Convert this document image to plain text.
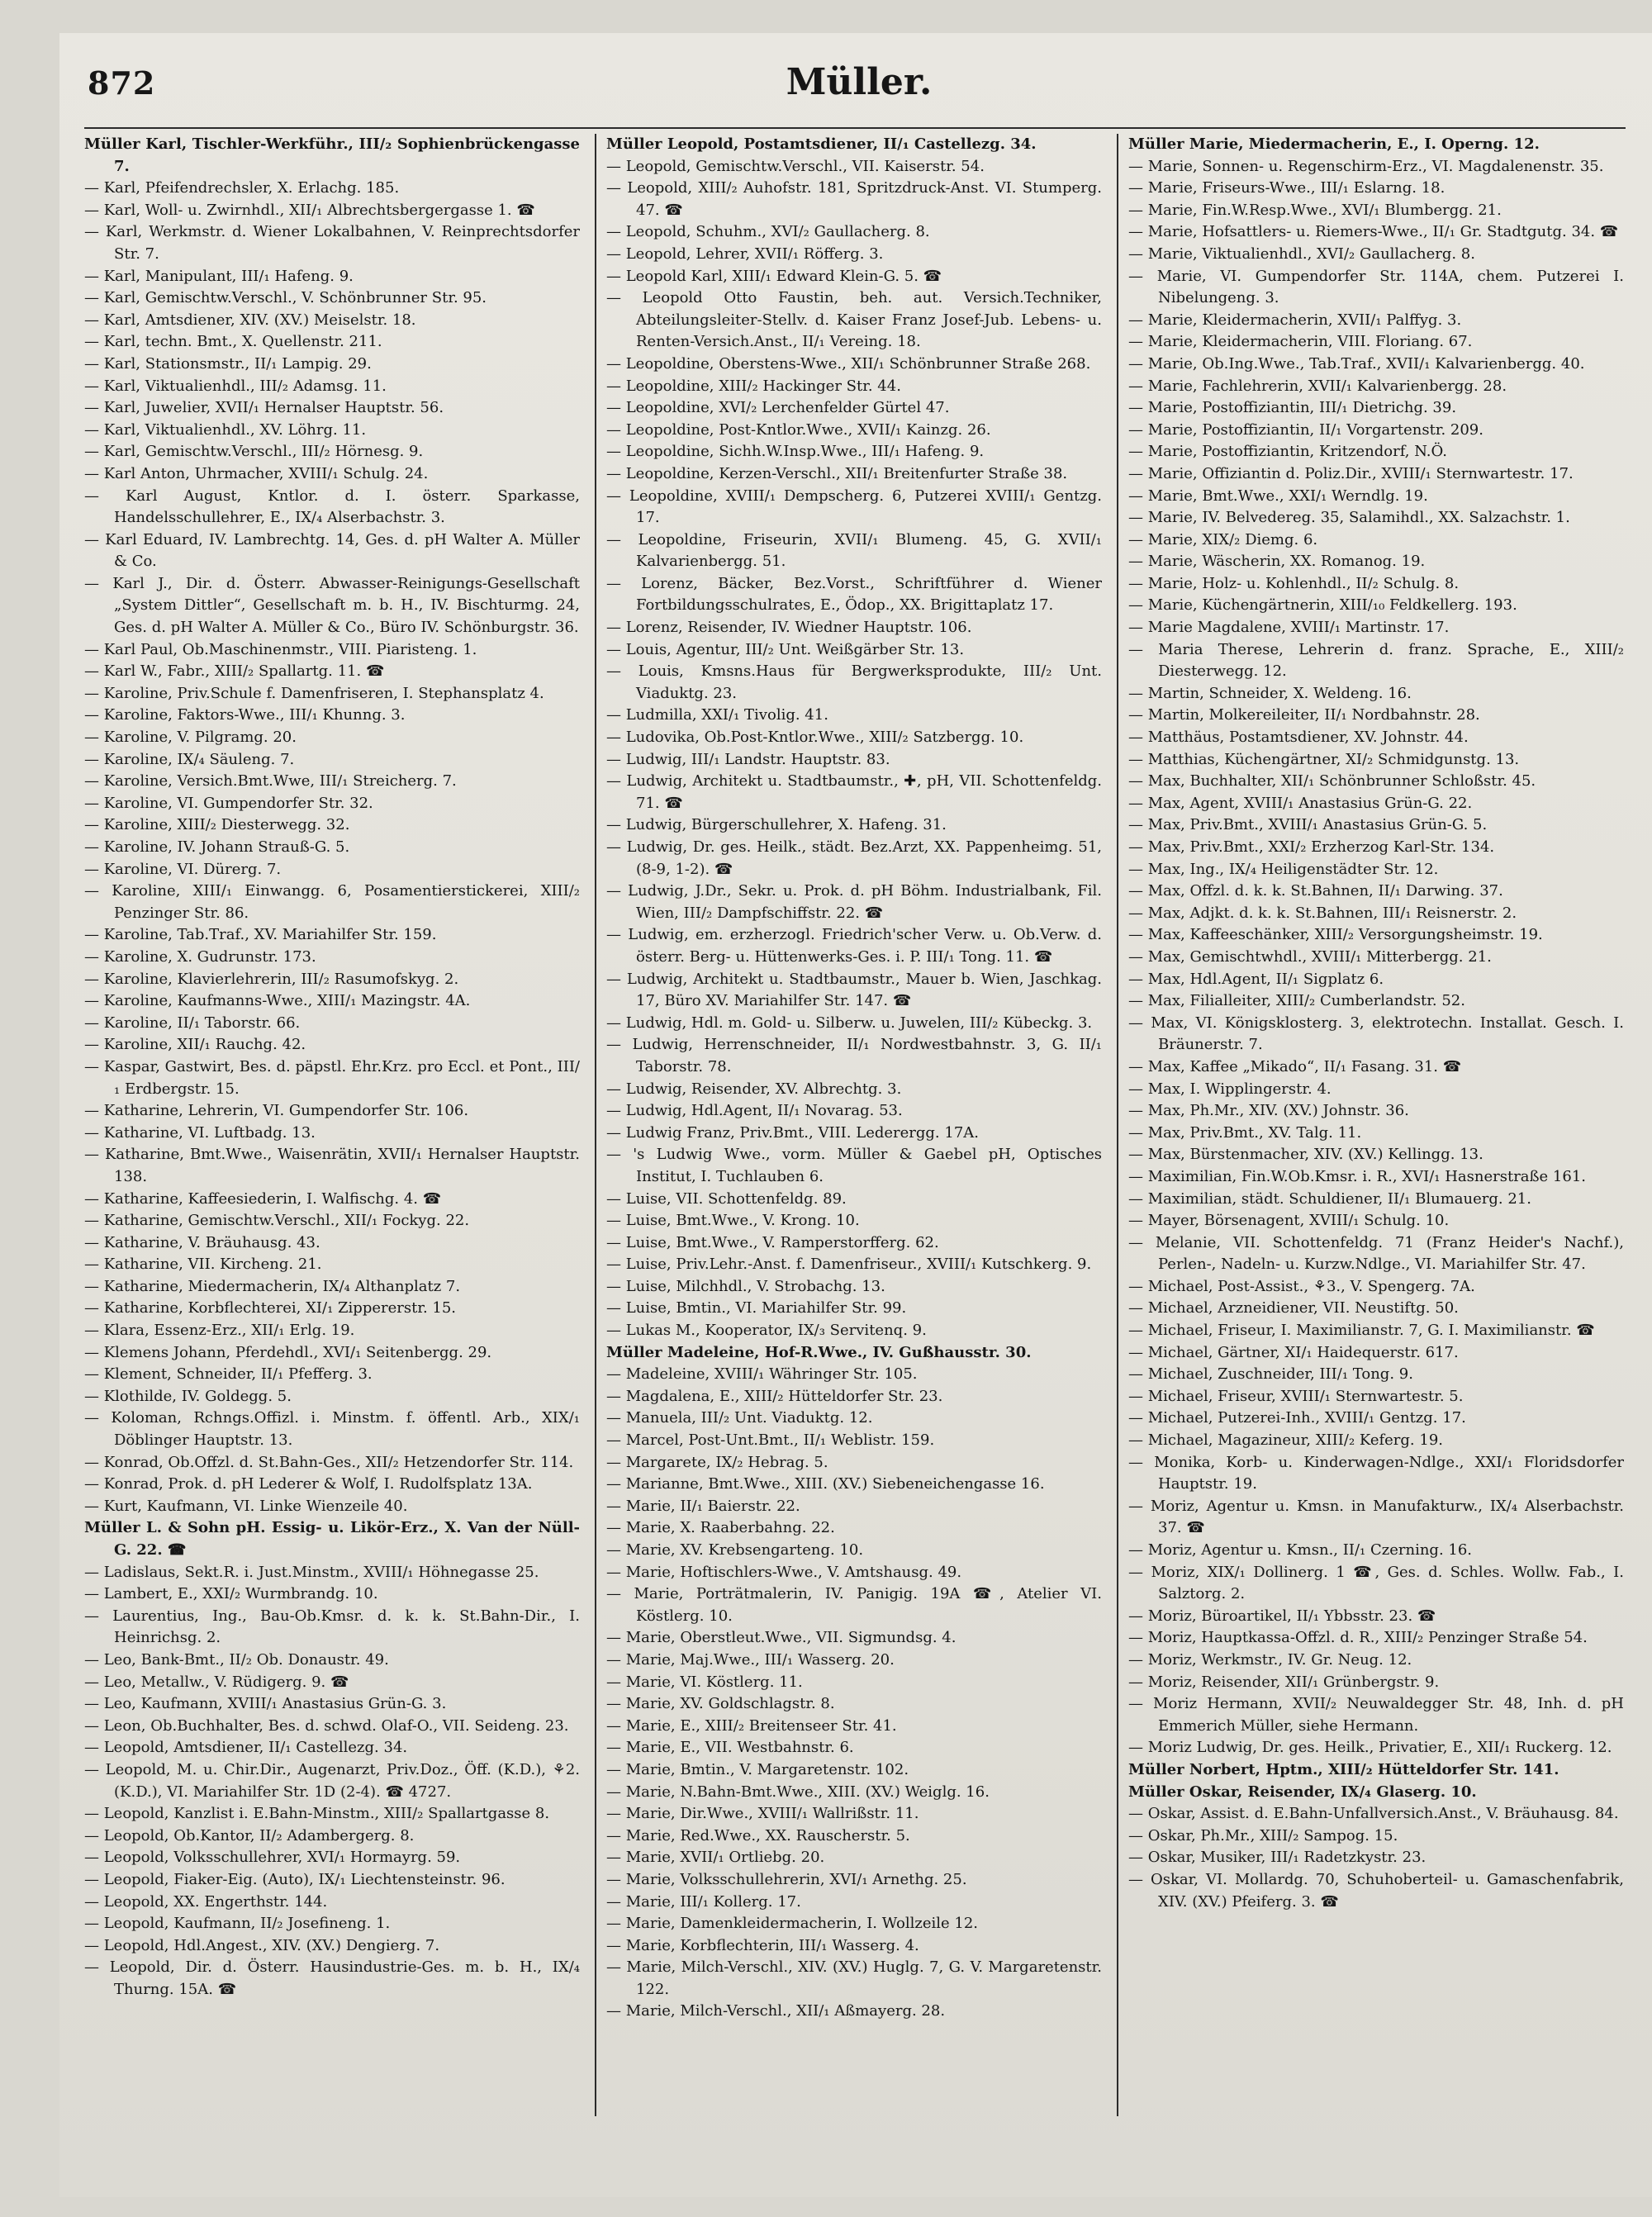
872	Müller.

Müller Karl, Tischler-Werkführ., III/₂ Sophienbrückengasse 7.

— Karl, Pfeifendrechsler, X. Erlachg. 185.

— Karl, Woll- u. Zwirnhdl., XII/₁ Albrechtsbergergasse 1. ☎

— Karl, Werkmstr. d. Wiener Lokalbahnen, V. Reinprechtsdorfer Str. 7.

— Karl, Manipulant, III/₁ Hafeng. 9.

— Karl, Gemischtw.Verschl., V. Schönbrunner Str. 95.

— Karl, Amtsdiener, XIV. (XV.) Meiselstr. 18.

— Karl, techn. Bmt., X. Quellenstr. 211.

— Karl, Stationsmstr., II/₁ Lampig. 29.

— Karl, Viktualienhdl., III/₂ Adamsg. 11.

— Karl, Juwelier, XVII/₁ Hernalser Hauptstr. 56.

— Karl, Viktualienhdl., XV. Löhrg. 11.

— Karl, Gemischtw.Verschl., III/₂ Hörnesg. 9.

— Karl Anton, Uhrmacher, XVIII/₁ Schulg. 24.

— Karl August, Kntlor. d. I. österr. Sparkasse, Handelsschullehrer, E., IX/₄ Alserbachstr. 3.

— Karl Eduard, IV. Lambrechtg. 14, Ges. d. pH Walter A. Müller & Co.

— Karl J., Dir. d. Österr. Abwasser-Reinigungs-Gesellschaft „System Dittler“, Gesellschaft m. b. H., IV. Bischturmg. 24, Ges. d. pH Walter A. Müller & Co., Büro IV. Schönburgstr. 36.

— Karl Paul, Ob.Maschinenmstr., VIII. Piaristeng. 1.

— Karl W., Fabr., XIII/₂ Spallartg. 11. ☎

— Karoline, Priv.Schule f. Damenfriseren, I. Stephansplatz 4.

— Karoline, Faktors-Wwe., III/₁ Khunng. 3.

— Karoline, V. Pilgramg. 20.

— Karoline, IX/₄ Säuleng. 7.

— Karoline, Versich.Bmt.Wwe, III/₁ Streicherg. 7.

— Karoline, VI. Gumpendorfer Str. 32.

— Karoline, XIII/₂ Diesterwegg. 32.

— Karoline, IV. Johann Strauß-G. 5.

— Karoline, VI. Dürerg. 7.

— Karoline, XIII/₁ Einwangg. 6, Posamentierstickerei, XIII/₂ Penzinger Str. 86.

— Karoline, Tab.Traf., XV. Mariahilfer Str. 159.

— Karoline, X. Gudrunstr. 173.

— Karoline, Klavierlehrerin, III/₂ Rasumofskyg. 2.

— Karoline, Kaufmanns-Wwe., XIII/₁ Mazingstr. 4A.

— Karoline, II/₁ Taborstr. 66.

— Karoline, XII/₁ Rauchg. 42.

— Kaspar, Gastwirt, Bes. d. päpstl. Ehr.Krz. pro Eccl. et Pont., III/₁ Erdbergstr. 15.

— Katharine, Lehrerin, VI. Gumpendorfer Str. 106.

— Katharine, VI. Luftbadg. 13.

— Katharine, Bmt.Wwe., Waisenrätin, XVII/₁ Hernalser Hauptstr. 138.

— Katharine, Kaffeesiederin, I. Walfischg. 4. ☎

— Katharine, Gemischtw.Verschl., XII/₁ Fockyg. 22.

— Katharine, V. Bräuhausg. 43.

— Katharine, VII. Kircheng. 21.

— Katharine, Miedermacherin, IX/₄ Althanplatz 7.

— Katharine, Korbflechterei, XI/₁ Zippererstr. 15.

— Klara, Essenz-Erz., XII/₁ Erlg. 19.

— Klemens Johann, Pferdehdl., XVI/₁ Seitenbergg. 29.

— Klement, Schneider, II/₁ Pfefferg. 3.

— Klothilde, IV. Goldegg. 5.

— Koloman, Rchngs.Offizl. i. Minstm. f. öffentl. Arb., XIX/₁ Döblinger Hauptstr. 13.

— Konrad, Ob.Offzl. d. St.Bahn-Ges., XII/₂ Hetzendorfer Str. 114.

— Konrad, Prok. d. pH Lederer & Wolf, I. Rudolfsplatz 13A.

— Kurt, Kaufmann, VI. Linke Wienzeile 40.

Müller L. & Sohn pH. Essig- u. Likör-Erz., X. Van der Nüll-G. 22. ☎

— Ladislaus, Sekt.R. i. Just.Minstm., XVIII/₁ Höhnegasse 25.

— Lambert, E., XXI/₂ Wurmbrandg. 10.

— Laurentius, Ing., Bau-Ob.Kmsr. d. k. k. St.Bahn-Dir., I. Heinrichsg. 2.

— Leo, Bank-Bmt., II/₂ Ob. Donaustr. 49.

— Leo, Metallw., V. Rüdigerg. 9. ☎

— Leo, Kaufmann, XVIII/₁ Anastasius Grün-G. 3.

— Leon, Ob.Buchhalter, Bes. d. schwd. Olaf-O., VII. Seideng. 23.

— Leopold, Amtsdiener, II/₁ Castellezg. 34.

— Leopold, M. u. Chir.Dir., Augenarzt, Priv.Doz., Öff. (K.D.), ⚘2. (K.D.), VI. Mariahilfer Str. 1D (2-4). ☎ 4727.

— Leopold, Kanzlist i. E.Bahn-Minstm., XIII/₂ Spallartgasse 8.

— Leopold, Ob.Kantor, II/₂ Adambergerg. 8.

— Leopold, Volksschullehrer, XVI/₁ Hormayrg. 59.

— Leopold, Fiaker-Eig. (Auto), IX/₁ Liechtensteinstr. 96.

— Leopold, XX. Engerthstr. 144.

— Leopold, Kaufmann, II/₂ Josefineng. 1.

— Leopold, Hdl.Angest., XIV. (XV.) Dengierg. 7.

— Leopold, Dir. d. Österr. Hausindustrie-Ges. m. b. H., IX/₄ Thurng. 15A. ☎

Müller Leopold, Postamtsdiener, II/₁ Castellezg. 34.

— Leopold, Gemischtw.Verschl., VII. Kaiserstr. 54.

— Leopold, XIII/₂ Auhofstr. 181, Spritzdruck-Anst. VI. Stumperg. 47. ☎

— Leopold, Schuhm., XVI/₂ Gaullacherg. 8.

— Leopold, Lehrer, XVII/₁ Röfferg. 3.

— Leopold Karl, XIII/₁ Edward Klein-G. 5. ☎

— Leopold Otto Faustin, beh. aut. Versich.Techniker, Abteilungsleiter-Stellv. d. Kaiser Franz Josef-Jub. Lebens- u. Renten-Versich.Anst., II/₁ Vereing. 18.

— Leopoldine, Oberstens-Wwe., XII/₁ Schönbrunner Straße 268.

— Leopoldine, XIII/₂ Hackinger Str. 44.

— Leopoldine, XVI/₂ Lerchenfelder Gürtel 47.

— Leopoldine, Post-Kntlor.Wwe., XVII/₁ Kainzg. 26.

— Leopoldine, Sichh.W.Insp.Wwe., III/₁ Hafeng. 9.

— Leopoldine, Kerzen-Verschl., XII/₁ Breitenfurter Straße 38.

— Leopoldine, XVIII/₁ Dempscherg. 6, Putzerei XVIII/₁ Gentzg. 17.

— Leopoldine, Friseurin, XVII/₁ Blumeng. 45, G. XVII/₁ Kalvarienbergg. 51.

— Lorenz, Bäcker, Bez.Vorst., Schriftführer d. Wiener Fortbildungsschulrates, E., Ödop., XX. Brigittaplatz 17.

— Lorenz, Reisender, IV. Wiedner Hauptstr. 106.

— Louis, Agentur, III/₂ Unt. Weißgärber Str. 13.

— Louis, Kmsns.Haus für Bergwerksprodukte, III/₂ Unt. Viaduktg. 23.

— Ludmilla, XXI/₁ Tivolig. 41.

— Ludovika, Ob.Post-Kntlor.Wwe., XIII/₂ Satzbergg. 10.

— Ludwig, III/₁ Landstr. Hauptstr. 83.

— Ludwig, Architekt u. Stadtbaumstr., ✚, pH, VII. Schottenfeldg. 71. ☎

— Ludwig, Bürgerschullehrer, X. Hafeng. 31.

— Ludwig, Dr. ges. Heilk., städt. Bez.Arzt, XX. Pappenheimg. 51, (8-9, 1-2). ☎

— Ludwig, J.Dr., Sekr. u. Prok. d. pH Böhm. Industrialbank, Fil. Wien, III/₂ Dampfschiffstr. 22. ☎

— Ludwig, em. erzherzogl. Friedrich'scher Verw. u. Ob.Verw. d. österr. Berg- u. Hüttenwerks-Ges. i. P. III/₁ Tong. 11. ☎

— Ludwig, Architekt u. Stadtbaumstr., Mauer b. Wien, Jaschkag. 17, Büro XV. Mariahilfer Str. 147. ☎

— Ludwig, Hdl. m. Gold- u. Silberw. u. Juwelen, III/₂ Kübeckg. 3.

— Ludwig, Herrenschneider, II/₁ Nordwestbahnstr. 3, G. II/₁ Taborstr. 78.

— Ludwig, Reisender, XV. Albrechtg. 3.

— Ludwig, Hdl.Agent, II/₁ Novarag. 53.

— Ludwig Franz, Priv.Bmt., VIII. Lederergg. 17A.

— 's Ludwig Wwe., vorm. Müller & Gaebel pH, Optisches Institut, I. Tuchlauben 6.

— Luise, VII. Schottenfeldg. 89.

— Luise, Bmt.Wwe., V. Krong. 10.

— Luise, Bmt.Wwe., V. Ramperstorfferg. 62.

— Luise, Priv.Lehr.-Anst. f. Damenfriseur., XVIII/₁ Kutschkerg. 9.

— Luise, Milchhdl., V. Strobachg. 13.

— Luise, Bmtin., VI. Mariahilfer Str. 99.

— Lukas M., Kooperator, IX/₃ Servitenq. 9.

Müller Madeleine, Hof-R.Wwe., IV. Gußhausstr. 30.

— Madeleine, XVIII/₁ Währinger Str. 105.

— Magdalena, E., XIII/₂ Hütteldorfer Str. 23.

— Manuela, III/₂ Unt. Viaduktg. 12.

— Marcel, Post-Unt.Bmt., II/₁ Weblistr. 159.

— Margarete, IX/₂ Hebrag. 5.

— Marianne, Bmt.Wwe., XIII. (XV.) Siebeneichengasse 16.

— Marie, II/₁ Baierstr. 22.

— Marie, X. Raaberbahng. 22.

— Marie, XV. Krebsengarteng. 10.

— Marie, Hoftischlers-Wwe., V. Amtshausg. 49.

— Marie, Porträtmalerin, IV. Panigig. 19A ☎, Atelier VI. Köstlerg. 10.

— Marie, Oberstleut.Wwe., VII. Sigmundsg. 4.

— Marie, Maj.Wwe., III/₁ Wasserg. 20.

— Marie, VI. Köstlerg. 11.

— Marie, XV. Goldschlagstr. 8.

— Marie, E., XIII/₂ Breitenseer Str. 41.

— Marie, E., VII. Westbahnstr. 6.

— Marie, Bmtin., V. Margaretenstr. 102.

— Marie, N.Bahn-Bmt.Wwe., XIII. (XV.) Weiglg. 16.

— Marie, Dir.Wwe., XVIII/₁ Wallrißstr. 11.

— Marie, Red.Wwe., XX. Rauscherstr. 5.

— Marie, XVII/₁ Ortliebg. 20.

— Marie, Volksschullehrerin, XVI/₁ Arnethg. 25.

— Marie, III/₁ Kollerg. 17.

— Marie, Damenkleidermacherin, I. Wollzeile 12.

— Marie, Korbflechterin, III/₁ Wasserg. 4.

— Marie, Milch-Verschl., XIV. (XV.) Huglg. 7, G. V. Margaretenstr. 122.

— Marie, Milch-Verschl., XII/₁ Aßmayerg. 28.

Müller Marie, Miedermacherin, E., I. Operng. 12.

— Marie, Sonnen- u. Regenschirm-Erz., VI. Magdalenenstr. 35.

— Marie, Friseurs-Wwe., III/₁ Eslarng. 18.

— Marie, Fin.W.Resp.Wwe., XVI/₁ Blumbergg. 21.

— Marie, Hofsattlers- u. Riemers-Wwe., II/₁ Gr. Stadtgutg. 34. ☎

— Marie, Viktualienhdl., XVI/₂ Gaullacherg. 8.

— Marie, VI. Gumpendorfer Str. 114A, chem. Putzerei I. Nibelungeng. 3.

— Marie, Kleidermacherin, XVII/₁ Palffyg. 3.

— Marie, Kleidermacherin, VIII. Floriang. 67.

— Marie, Ob.Ing.Wwe., Tab.Traf., XVII/₁ Kalvarienbergg. 40.

— Marie, Fachlehrerin, XVII/₁ Kalvarienbergg. 28.

— Marie, Postoffiziantin, III/₁ Dietrichg. 39.

— Marie, Postoffiziantin, II/₁ Vorgartenstr. 209.

— Marie, Postoffiziantin, Kritzendorf, N.Ö.

— Marie, Offiziantin d. Poliz.Dir., XVIII/₁ Sternwartestr. 17.

— Marie, Bmt.Wwe., XXI/₁ Werndlg. 19.

— Marie, IV. Belvedereg. 35, Salamihdl., XX. Salzachstr. 1.

— Marie, XIX/₂ Diemg. 6.

— Marie, Wäscherin, XX. Romanog. 19.

— Marie, Holz- u. Kohlenhdl., II/₂ Schulg. 8.

— Marie, Küchengärtnerin, XIII/₁₀ Feldkellerg. 193.

— Marie Magdalene, XVIII/₁ Martinstr. 17.

— Maria Therese, Lehrerin d. franz. Sprache, E., XIII/₂ Diesterwegg. 12.

— Martin, Schneider, X. Weldeng. 16.

— Martin, Molkereileiter, II/₁ Nordbahnstr. 28.

— Matthäus, Postamtsdiener, XV. Johnstr. 44.

— Matthias, Küchengärtner, XI/₂ Schmidgunstg. 13.

— Max, Buchhalter, XII/₁ Schönbrunner Schloßstr. 45.

— Max, Agent, XVIII/₁ Anastasius Grün-G. 22.

— Max, Priv.Bmt., XVIII/₁ Anastasius Grün-G. 5.

— Max, Priv.Bmt., XXI/₂ Erzherzog Karl-Str. 134.

— Max, Ing., IX/₄ Heiligenstädter Str. 12.

— Max, Offzl. d. k. k. St.Bahnen, II/₁ Darwing. 37.

— Max, Adjkt. d. k. k. St.Bahnen, III/₁ Reisnerstr. 2.

— Max, Kaffeeschänker, XIII/₂ Versorgungsheimstr. 19.

— Max, Gemischtwhdl., XVIII/₁ Mitterbergg. 21.

— Max, Hdl.Agent, II/₁ Sigplatz 6.

— Max, Filialleiter, XIII/₂ Cumberlandstr. 52.

— Max, VI. Königsklosterg. 3, elektrotechn. Installat. Gesch. I. Bräunerstr. 7.

— Max, Kaffee „Mikado“, II/₁ Fasang. 31. ☎

— Max, I. Wipplingerstr. 4.

— Max, Ph.Mr., XIV. (XV.) Johnstr. 36.

— Max, Priv.Bmt., XV. Talg. 11.

— Max, Bürstenmacher, XIV. (XV.) Kellingg. 13.

— Maximilian, Fin.W.Ob.Kmsr. i. R., XVI/₁ Hasnerstraße 161.

— Maximilian, städt. Schuldiener, II/₁ Blumauerg. 21.

— Mayer, Börsenagent, XVIII/₁ Schulg. 10.

— Melanie, VII. Schottenfeldg. 71 (Franz Heider's Nachf.), Perlen-, Nadeln- u. Kurzw.Ndlge., VI. Mariahilfer Str. 47.

— Michael, Post-Assist., ⚘3., V. Spengerg. 7A.

— Michael, Arzneidiener, VII. Neustiftg. 50.

— Michael, Friseur, I. Maximilianstr. 7, G. I. Maximilianstr. ☎

— Michael, Gärtner, XI/₁ Haidequerstr. 617.

— Michael, Zuschneider, III/₁ Tong. 9.

— Michael, Friseur, XVIII/₁ Sternwartestr. 5.

— Michael, Putzerei-Inh., XVIII/₁ Gentzg. 17.

— Michael, Magazineur, XIII/₂ Keferg. 19.

— Monika, Korb- u. Kinderwagen-Ndlge., XXI/₁ Floridsdorfer Hauptstr. 19.

— Moriz, Agentur u. Kmsn. in Manufakturw., IX/₄ Alserbachstr. 37. ☎

— Moriz, Agentur u. Kmsn., II/₁ Czerning. 16.

— Moriz, XIX/₁ Dollinerg. 1 ☎, Ges. d. Schles. Wollw. Fab., I. Salztorg. 2.

— Moriz, Büroartikel, II/₁ Ybbsstr. 23. ☎

— Moriz, Hauptkassa-Offzl. d. R., XIII/₂ Penzinger Straße 54.

— Moriz, Werkmstr., IV. Gr. Neug. 12.

— Moriz, Reisender, XII/₁ Grünbergstr. 9.

— Moriz Hermann, XVII/₂ Neuwaldegger Str. 48, Inh. d. pH Emmerich Müller, siehe Hermann.

— Moriz Ludwig, Dr. ges. Heilk., Privatier, E., XII/₁ Ruckerg. 12.

Müller Norbert, Hptm., XIII/₂ Hütteldorfer Str. 141.

Müller Oskar, Reisender, IX/₄ Glaserg. 10.

— Oskar, Assist. d. E.Bahn-Unfallversich.Anst., V. Bräuhausg. 84.

— Oskar, Ph.Mr., XIII/₂ Sampog. 15.

— Oskar, Musiker, III/₁ Radetzkystr. 23.

— Oskar, VI. Mollardg. 70, Schuhoberteil- u. Gamaschenfabrik, XIV. (XV.) Pfeiferg. 3. ☎
